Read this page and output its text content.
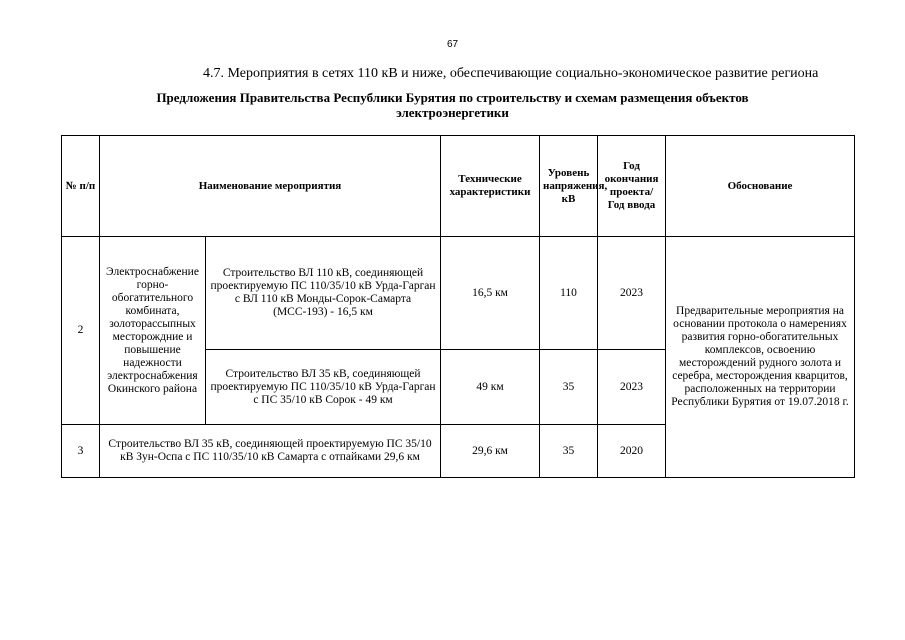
67
4.7. Мероприятия в сетях 110 кВ и ниже, обеспечивающие социально-экономическое развитие региона
Предложения Правительства Республики Бурятия по строительству и схемам размещения объектов электроэнергетики
№ п/п	Наименование мероприятия		Технические характеристики	Уровень напряжения, кВ	Год окончания проекта/ Год ввода	Обоснование
2	Электроснабжение горно-обогатительного комбината, золоторассыпных месторождние и повышение надежности электроснабжения Окинского района	Строительство ВЛ 110 кВ, соединяющей проектируемую ПС 110/35/10 кВ Урда-Гарган с ВЛ 110 кВ Монды-Сорок-Самарта (МСС-193) - 16,5 км	16,5 км	110	2023	Предварительные мероприятия на основании протокола о намерениях развития горно-обогатительных комплексов, освоению месторождений рудного золота и серебра, месторождения кварцитов, расположенных на территории Республики Бурятия от 19.07.2018 г.
		Строительство ВЛ 35 кВ, соединяющей проектируемую ПС 110/35/10 кВ Урда-Гарган с ПС 35/10 кВ Сорок - 49 км	49 км	35	2023	
3	Строительство ВЛ 35 кВ, соединяющей проектируемую ПС 35/10 кВ Зун-Оспа с ПС 110/35/10 кВ Самарта с отпайками 29,6 км		29,6 км	35	2020	
